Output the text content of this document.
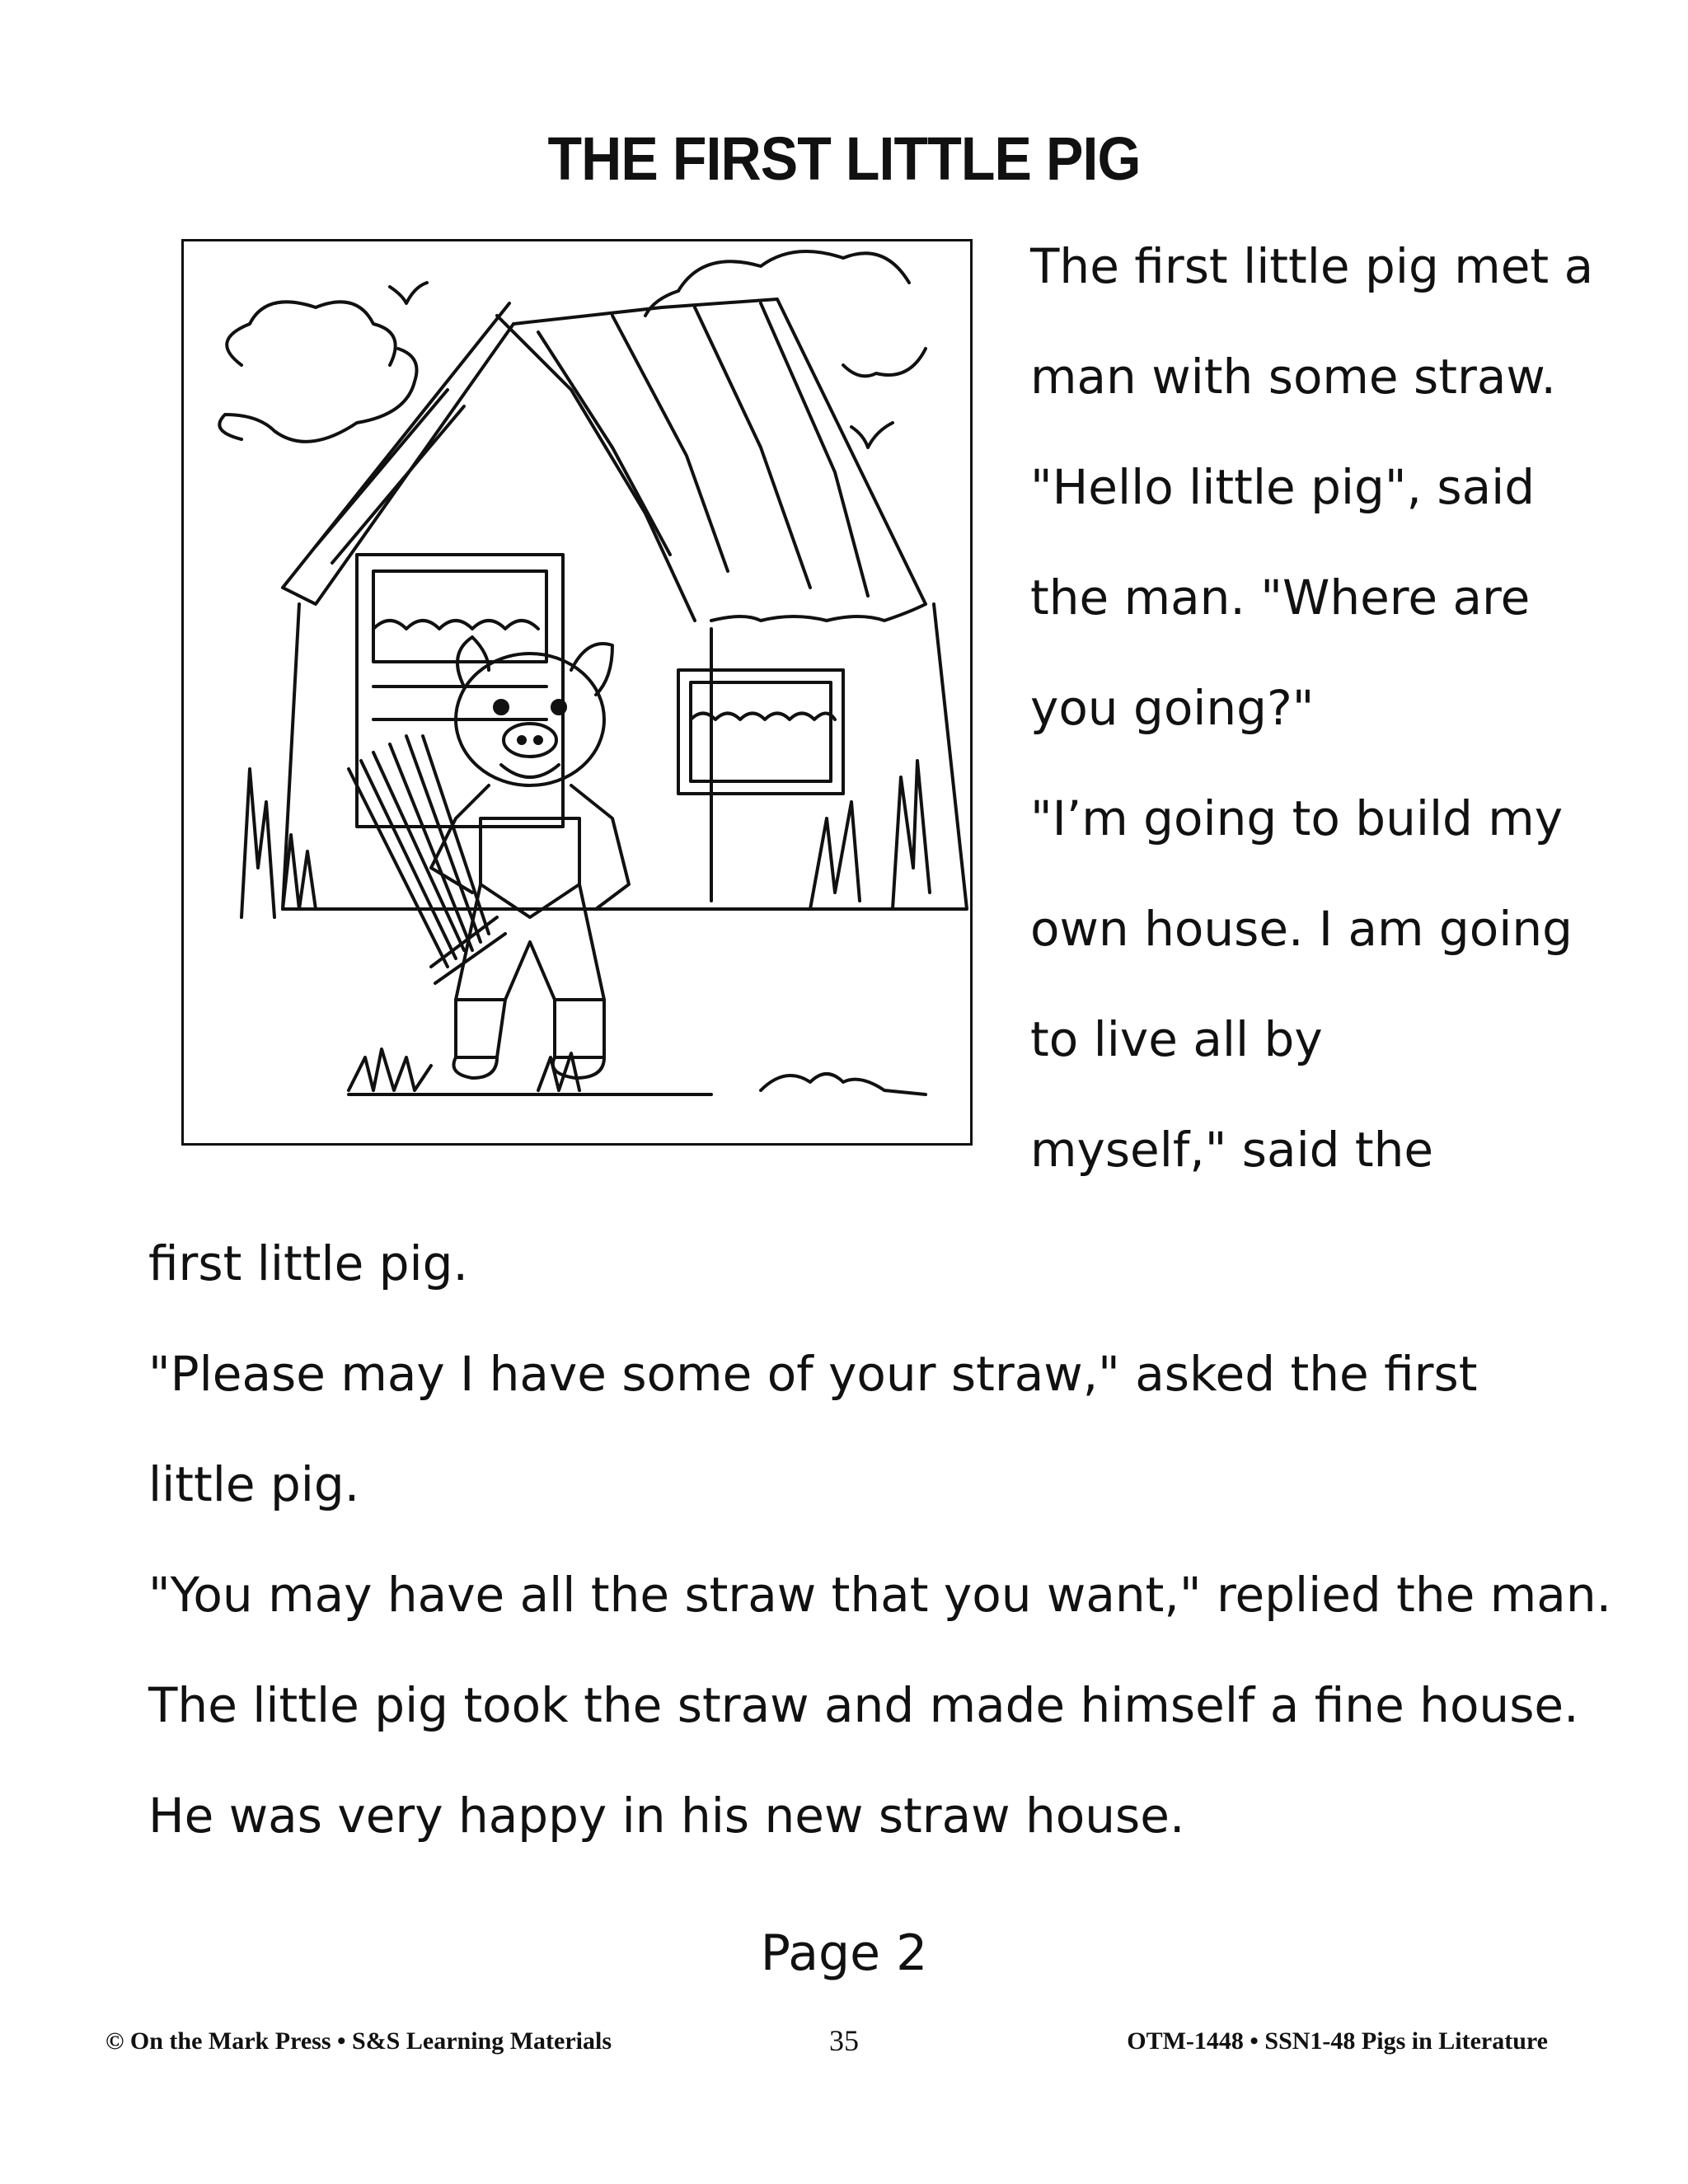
THE FIRST LITTLE PIG
The first little pig met a
man with some straw.
"Hello little pig", said
the man. "Where are
you going?"
"I’m going to build my
own house. I am going
to live all by
myself," said the
first little pig.
"Please may I have some of your straw," asked the first
little pig.
"You may have all the straw that you want," replied the man.
The little pig took the straw and made himself a fine house.
He was very happy in his new straw house.
Page 2
© On the Mark Press • S&S Learning Materials	35	OTM-1448 • SSN1-48 Pigs in Literature
